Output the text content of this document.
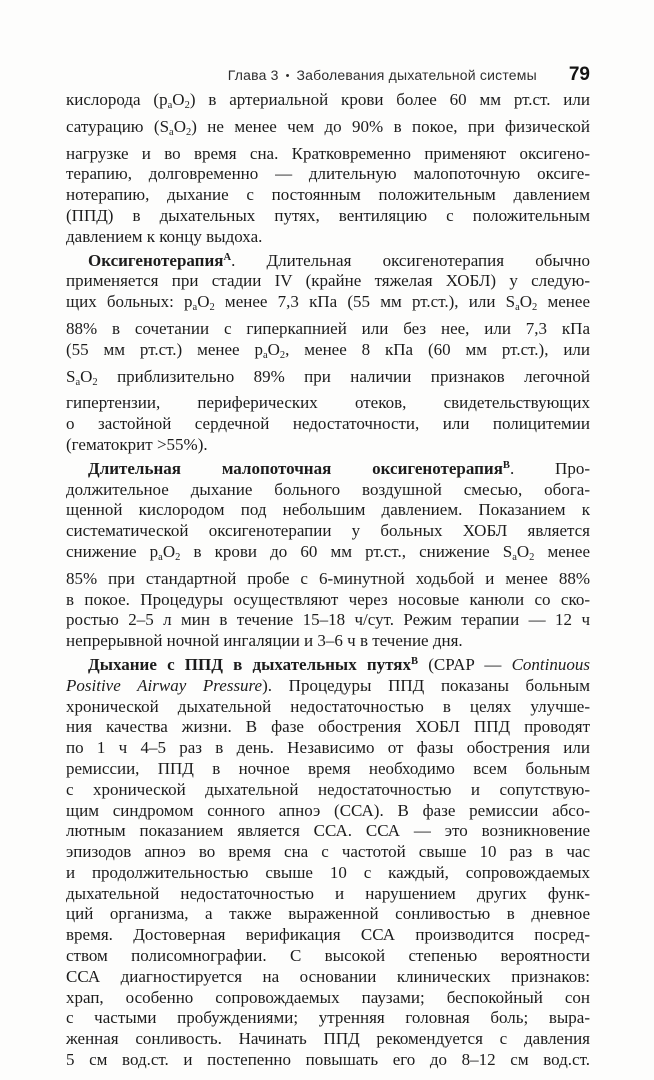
Глава 3 • Заболевания дыхательной системы 79
кислорода (pаO2) в артериальной крови более 60 мм рт.ст. или
сатурацию (SаO2) не менее чем до 90% в покое, при физической
нагрузке и во время сна. Кратковременно применяют оксигено-
терапию, долговременно — длительную малопоточную оксиге-
нотерапию, дыхание с постоянным положительным давлением
(ППД) в дыхательных путях, вентиляцию с положительным
давлением к концу выдоха.
Оксигенотерапия$^А$. Длительная оксигенотерапия обычно
применяется при стадии IV (крайне тяжелая ХОБЛ) у следую-
щих больных: pаO2 менее 7,3 кПа (55 мм рт.ст.), или SаO2 менее
88% в сочетании с гиперкапнией или без нее, или 7,3 кПа
(55 мм рт.ст.) менее pаO2, менее 8 кПа (60 мм рт.ст.), или
SаO2 приблизительно 89% при наличии признаков легочной
гипертензии, периферических отеков, свидетельствующих
о застойной сердечной недостаточности, или полицитемии
(гематокрит >55%).
Длительная малопоточная оксигенотерапия$^В$. Про-
должительное дыхание больного воздушной смесью, обога-
щенной кислородом под небольшим давлением. Показанием к
систематической оксигенотерапии у больных ХОБЛ является
снижение pаO2 в крови до 60 мм рт.ст., снижение SаO2 менее
85% при стандартной пробе с 6-минутной ходьбой и менее 88%
в покое. Процедуры осуществляют через носовые канюли со ско-
ростью 2–5 л мин в течение 15–18 ч/сут. Режим терапии — 12 ч
непрерывной ночной ингаляции и 3–6 ч в течение дня.
Дыхание с ППД в дыхательных путях$^В$ (CPAP — Continuous
Positive Airway Pressure). Процедуры ППД показаны больным
хронической дыхательной недостаточностью в целях улучше-
ния качества жизни. В фазе обострения ХОБЛ ППД проводят
по 1 ч 4–5 раз в день. Независимо от фазы обострения или
ремиссии, ППД в ночное время необходимо всем больным
с хронической дыхательной недостаточностью и сопутствую-
щим синдромом сонного апноэ (ССА). В фазе ремиссии абсо-
лютным показанием является ССА. ССА — это возникновение
эпизодов апноэ во время сна с частотой свыше 10 раз в час
и продолжительностью свыше 10 с каждый, сопровождаемых
дыхательной недостаточностью и нарушением других функ-
ций организма, а также выраженной сонливостью в дневное
время. Достоверная верификация ССА производится посред-
ством полисомнографии. С высокой степенью вероятности
ССА диагностируется на основании клинических признаков:
храп, особенно сопровождаемых паузами; беспокойный сон
с частыми пробуждениями; утренняя головная боль; выра-
женная сонливость. Начинать ППД рекомендуется с давления
5 см вод.ст. и постепенно повышать его до 8–12 см вод.ст.
